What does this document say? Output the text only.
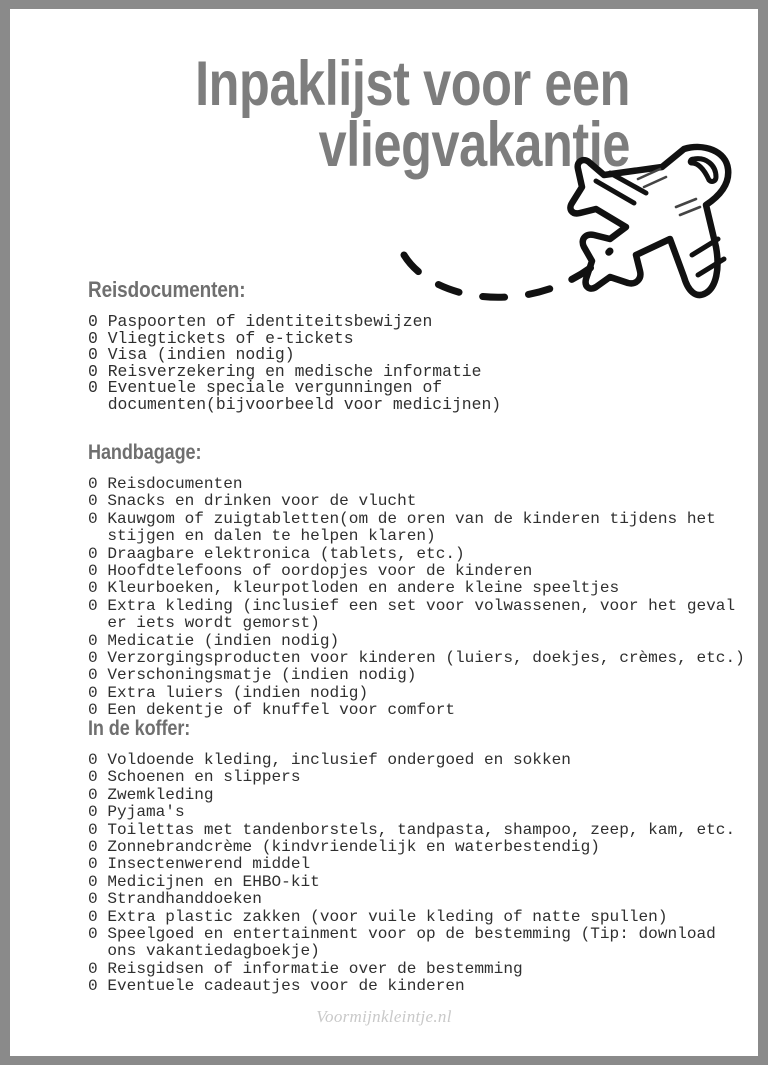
Inpaklijst voor een
vliegvakantie
Reisdocumenten:
0 Paspoorten of identiteitsbewijzen
0 Vliegtickets of e-tickets
0 Visa (indien nodig)
0 Reisverzekering en medische informatie
0 Eventuele speciale vergunningen of
documenten(bijvoorbeeld voor medicijnen)
Handbagage:
0 Reisdocumenten
0 Snacks en drinken voor de vlucht
0 Kauwgom of zuigtabletten(om de oren van de kinderen tijdens het
stijgen en dalen te helpen klaren)
0 Draagbare elektronica (tablets, etc.)
0 Hoofdtelefoons of oordopjes voor de kinderen
0 Kleurboeken, kleurpotloden en andere kleine speeltjes
0 Extra kleding (inclusief een set voor volwassenen, voor het geval
er iets wordt gemorst)
0 Medicatie (indien nodig)
0 Verzorgingsproducten voor kinderen (luiers, doekjes, crèmes, etc.)
0 Verschoningsmatje (indien nodig)
0 Extra luiers (indien nodig)
0 Een dekentje of knuffel voor comfort
In de koffer:
0 Voldoende kleding, inclusief ondergoed en sokken
0 Schoenen en slippers
0 Zwemkleding
0 Pyjama's
0 Toilettas met tandenborstels, tandpasta, shampoo, zeep, kam, etc.
0 Zonnebrandcrème (kindvriendelijk en waterbestendig)
0 Insectenwerend middel
0 Medicijnen en EHBO-kit
0 Strandhanddoeken
0 Extra plastic zakken (voor vuile kleding of natte spullen)
0 Speelgoed en entertainment voor op de bestemming (Tip: download
ons vakantiedagboekje)
0 Reisgidsen of informatie over de bestemming
0 Eventuele cadeautjes voor de kinderen
Voormijnkleintje.nl
